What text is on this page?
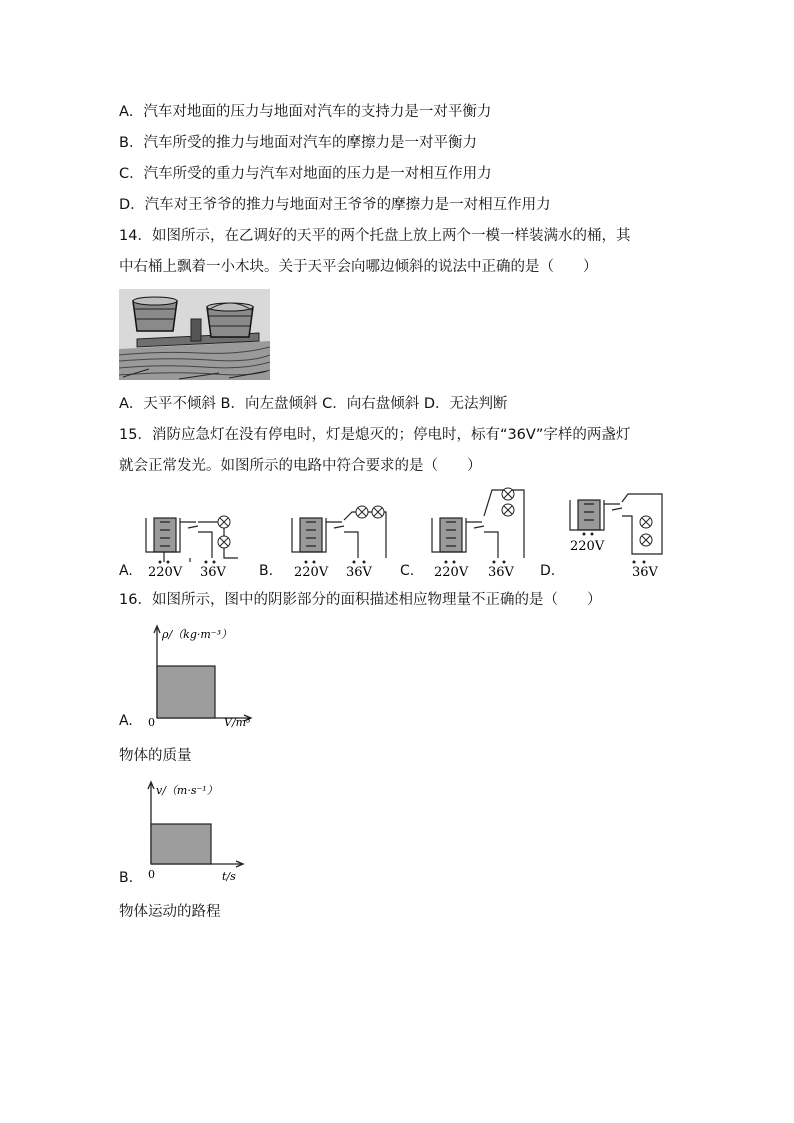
A．汽车对地面的压力与地面对汽车的支持力是一对平衡力
B．汽车所受的推力与地面对汽车的摩擦力是一对平衡力
C．汽车所受的重力与汽车对地面的压力是一对相互作用力
D．汽车对王爷爷的推力与地面对王爷爷的摩擦力是一对相互作用力
14．如图所示，在乙调好的天平的两个托盘上放上两个一模一样装满水的桶，其
中右桶上飘着一小木块。关于天平会向哪边倾斜的说法中正确的是（　　）
A．天平不倾斜 B．向左盘倾斜 C．向右盘倾斜 D．无法判断
15．消防应急灯在没有停电时，灯是熄灭的；停电时，标有“36V”字样的两盏灯
就会正常发光。如图所示的电路中符合要求的是（　　）
A. 220V 36V B. 220V 36V C. 220V 36V D.
220V
36V
16．如图所示，图中的阴影部分的面积描述相应物理量不正确的是（　　）
A.
ρ/（kg·m⁻³）
0	V/m³
物体的质量
B.
v/（m·s⁻¹）
0	t/s
物体运动的路程
